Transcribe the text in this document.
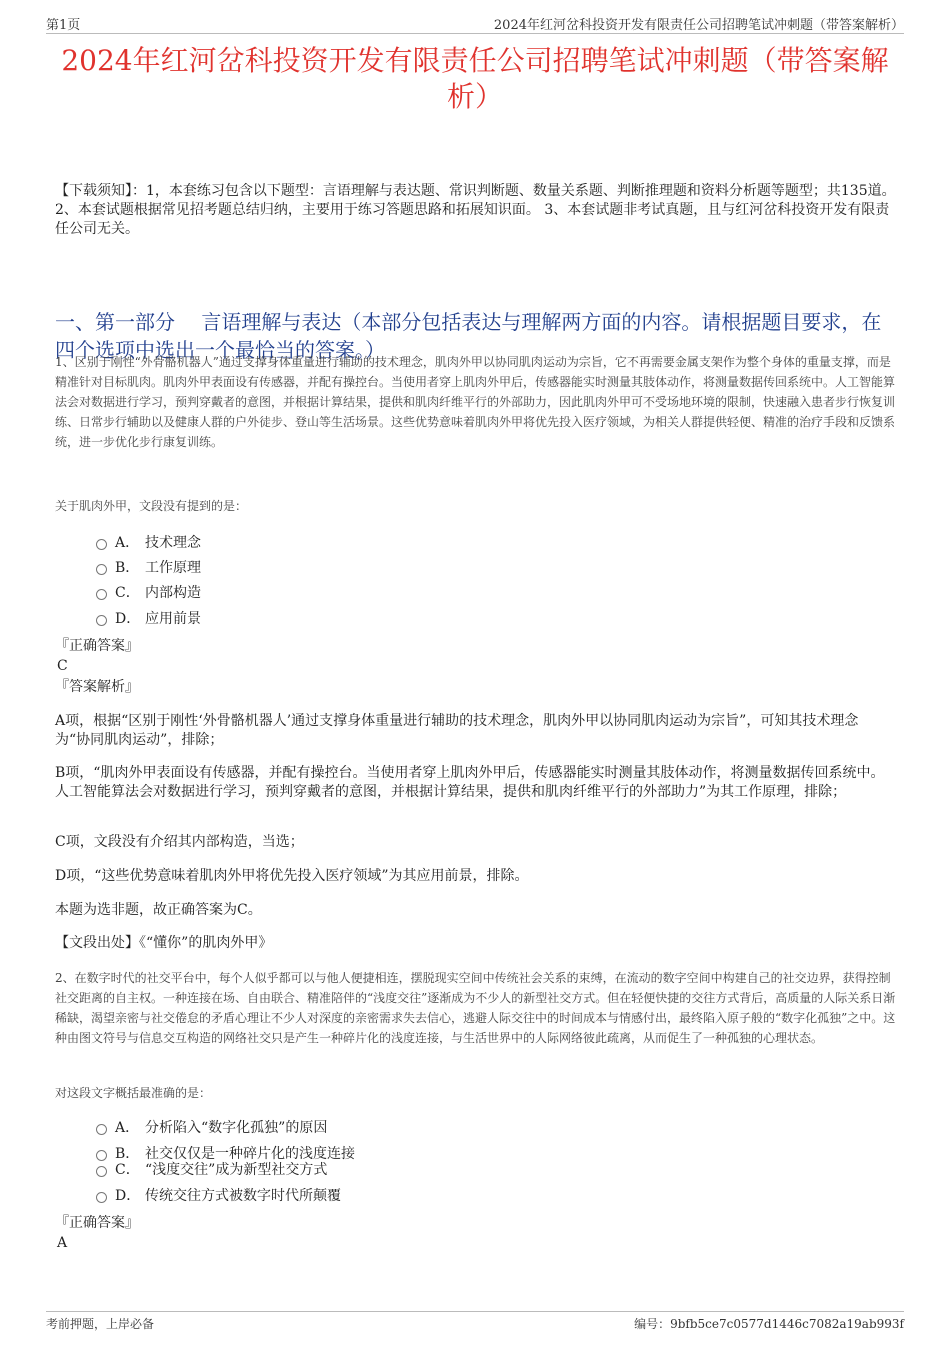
第1页	2024年红河岔科投资开发有限责任公司招聘笔试冲刺题（带答案解析）
2024年红河岔科投资开发有限责任公司招聘笔试冲刺题（带答案解析）
【下载须知】：1，本套练习包含以下题型：言语理解与表达题、常识判断题、数量关系题、判断推理题和资料分析题等题型；共135道。 2、本套试题根据常见招考题总结归纳，主要用于练习答题思路和拓展知识面。 3、本套试题非考试真题，且与红河岔科投资开发有限责任公司无关。
一、第一部分　 言语理解与表达（本部分包括表达与理解两方面的内容。请根据题目要求，在四个选项中选出一个最恰当的答案。）
1、区别于刚性“外骨骼机器人”通过支撑身体重量进行辅助的技术理念，肌肉外甲以协同肌肉运动为宗旨，它不再需要金属支架作为整个身体的重量支撑，而是精准针对目标肌肉。肌肉外甲表面设有传感器，并配有操控台。当使用者穿上肌肉外甲后，传感器能实时测量其肢体动作，将测量数据传回系统中。人工智能算法会对数据进行学习，预判穿戴者的意图，并根据计算结果，提供和肌肉纤维平行的外部助力，因此肌肉外甲可不受场地环境的限制，快速融入患者步行恢复训练、日常步行辅助以及健康人群的户外徒步、登山等生活场景。这些优势意味着肌肉外甲将优先投入医疗领域，为相关人群提供轻便、精准的治疗手段和反馈系统，进一步优化步行康复训练。
关于肌肉外甲，文段没有提到的是：
A． 技术理念
B． 工作原理
C． 内部构造
D． 应用前景
『正确答案』
C
『答案解析』
A项，根据“区别于刚性‘外骨骼机器人’通过支撑身体重量进行辅助的技术理念，肌肉外甲以协同肌肉运动为宗旨”，可知其技术理念为“协同肌肉运动”，排除；
B项，“肌肉外甲表面设有传感器，并配有操控台。当使用者穿上肌肉外甲后，传感器能实时测量其肢体动作，将测量数据传回系统中。人工智能算法会对数据进行学习，预判穿戴者的意图，并根据计算结果，提供和肌肉纤维平行的外部助力”为其工作原理，排除；
C项，文段没有介绍其内部构造，当选；
D项，“这些优势意味着肌肉外甲将优先投入医疗领域”为其应用前景，排除。
本题为选非题，故正确答案为C。
【文段出处】《“懂你”的肌肉外甲》
2、在数字时代的社交平台中，每个人似乎都可以与他人便捷相连，摆脱现实空间中传统社会关系的束缚，在流动的数字空间中构建自己的社交边界，获得控制社交距离的自主权。一种连接在场、自由联合、精准陪伴的“浅度交往”逐渐成为不少人的新型社交方式。但在轻便快捷的交往方式背后，高质量的人际关系日渐稀缺，渴望亲密与社交倦怠的矛盾心理让不少人对深度的亲密需求失去信心，逃避人际交往中的时间成本与情感付出，最终陷入原子般的“数字化孤独”之中。这种由图文符号与信息交互构造的网络社交只是产生一种碎片化的浅度连接，与生活世界中的人际网络彼此疏离，从而促生了一种孤独的心理状态。
对这段文字概括最准确的是：
A． 分析陷入“数字化孤独”的原因
B． 社交仅仅是一种碎片化的浅度连接
C． “浅度交往”成为新型社交方式
D． 传统交往方式被数字时代所颠覆
『正确答案』
A
考前押题，上岸必备	编号：9bfb5ce7c0577d1446c7082a19ab993f
